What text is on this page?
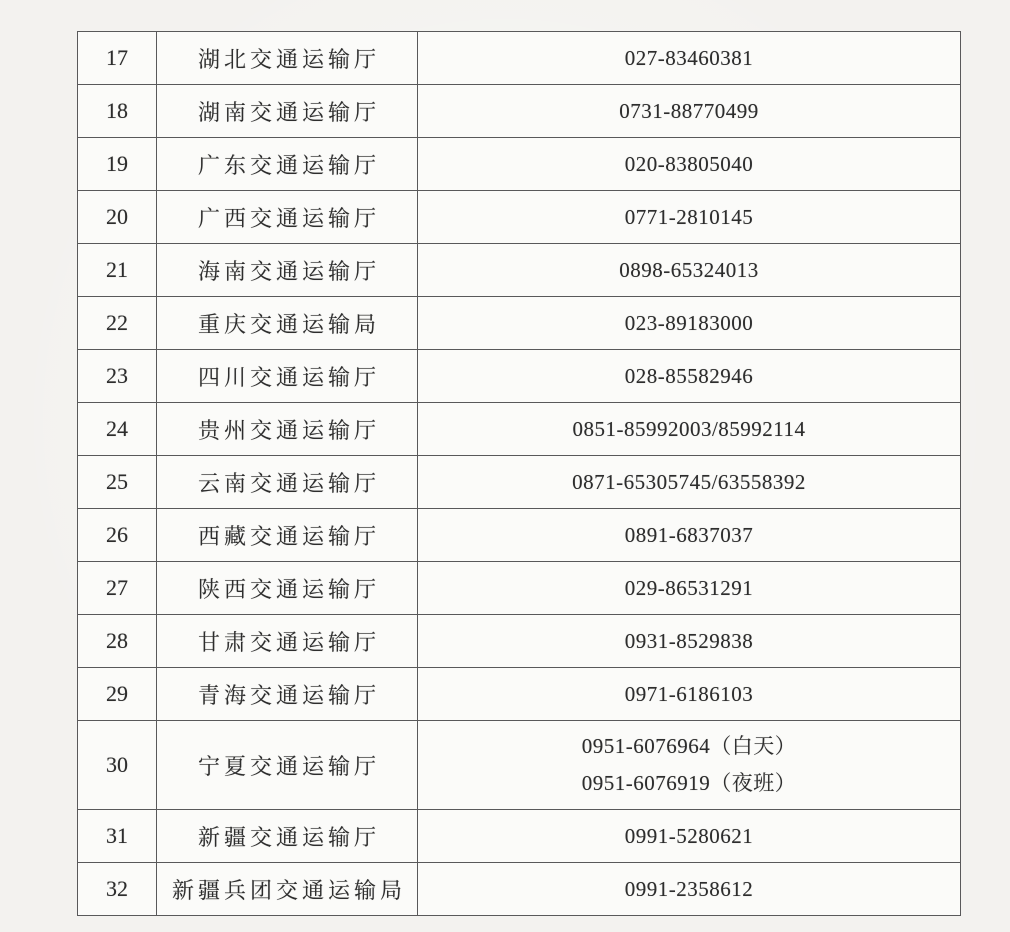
17	湖北交通运输厅	027-83460381
18	湖南交通运输厅	0731-88770499
19	广东交通运输厅	020-83805040
20	广西交通运输厅	0771-2810145
21	海南交通运输厅	0898-65324013
22	重庆交通运输局	023-89183000
23	四川交通运输厅	028-85582946
24	贵州交通运输厅	0851-85992003/85992114
25	云南交通运输厅	0871-65305745/63558392
26	西藏交通运输厅	0891-6837037
27	陕西交通运输厅	029-86531291
28	甘肃交通运输厅	0931-8529838
29	青海交通运输厅	0971-6186103
30	宁夏交通运输厅	0951-6076964（白天）
0951-6076919（夜班）

31	新疆交通运输厅	0991-5280621
32	新疆兵团交通运输局	0991-2358612
